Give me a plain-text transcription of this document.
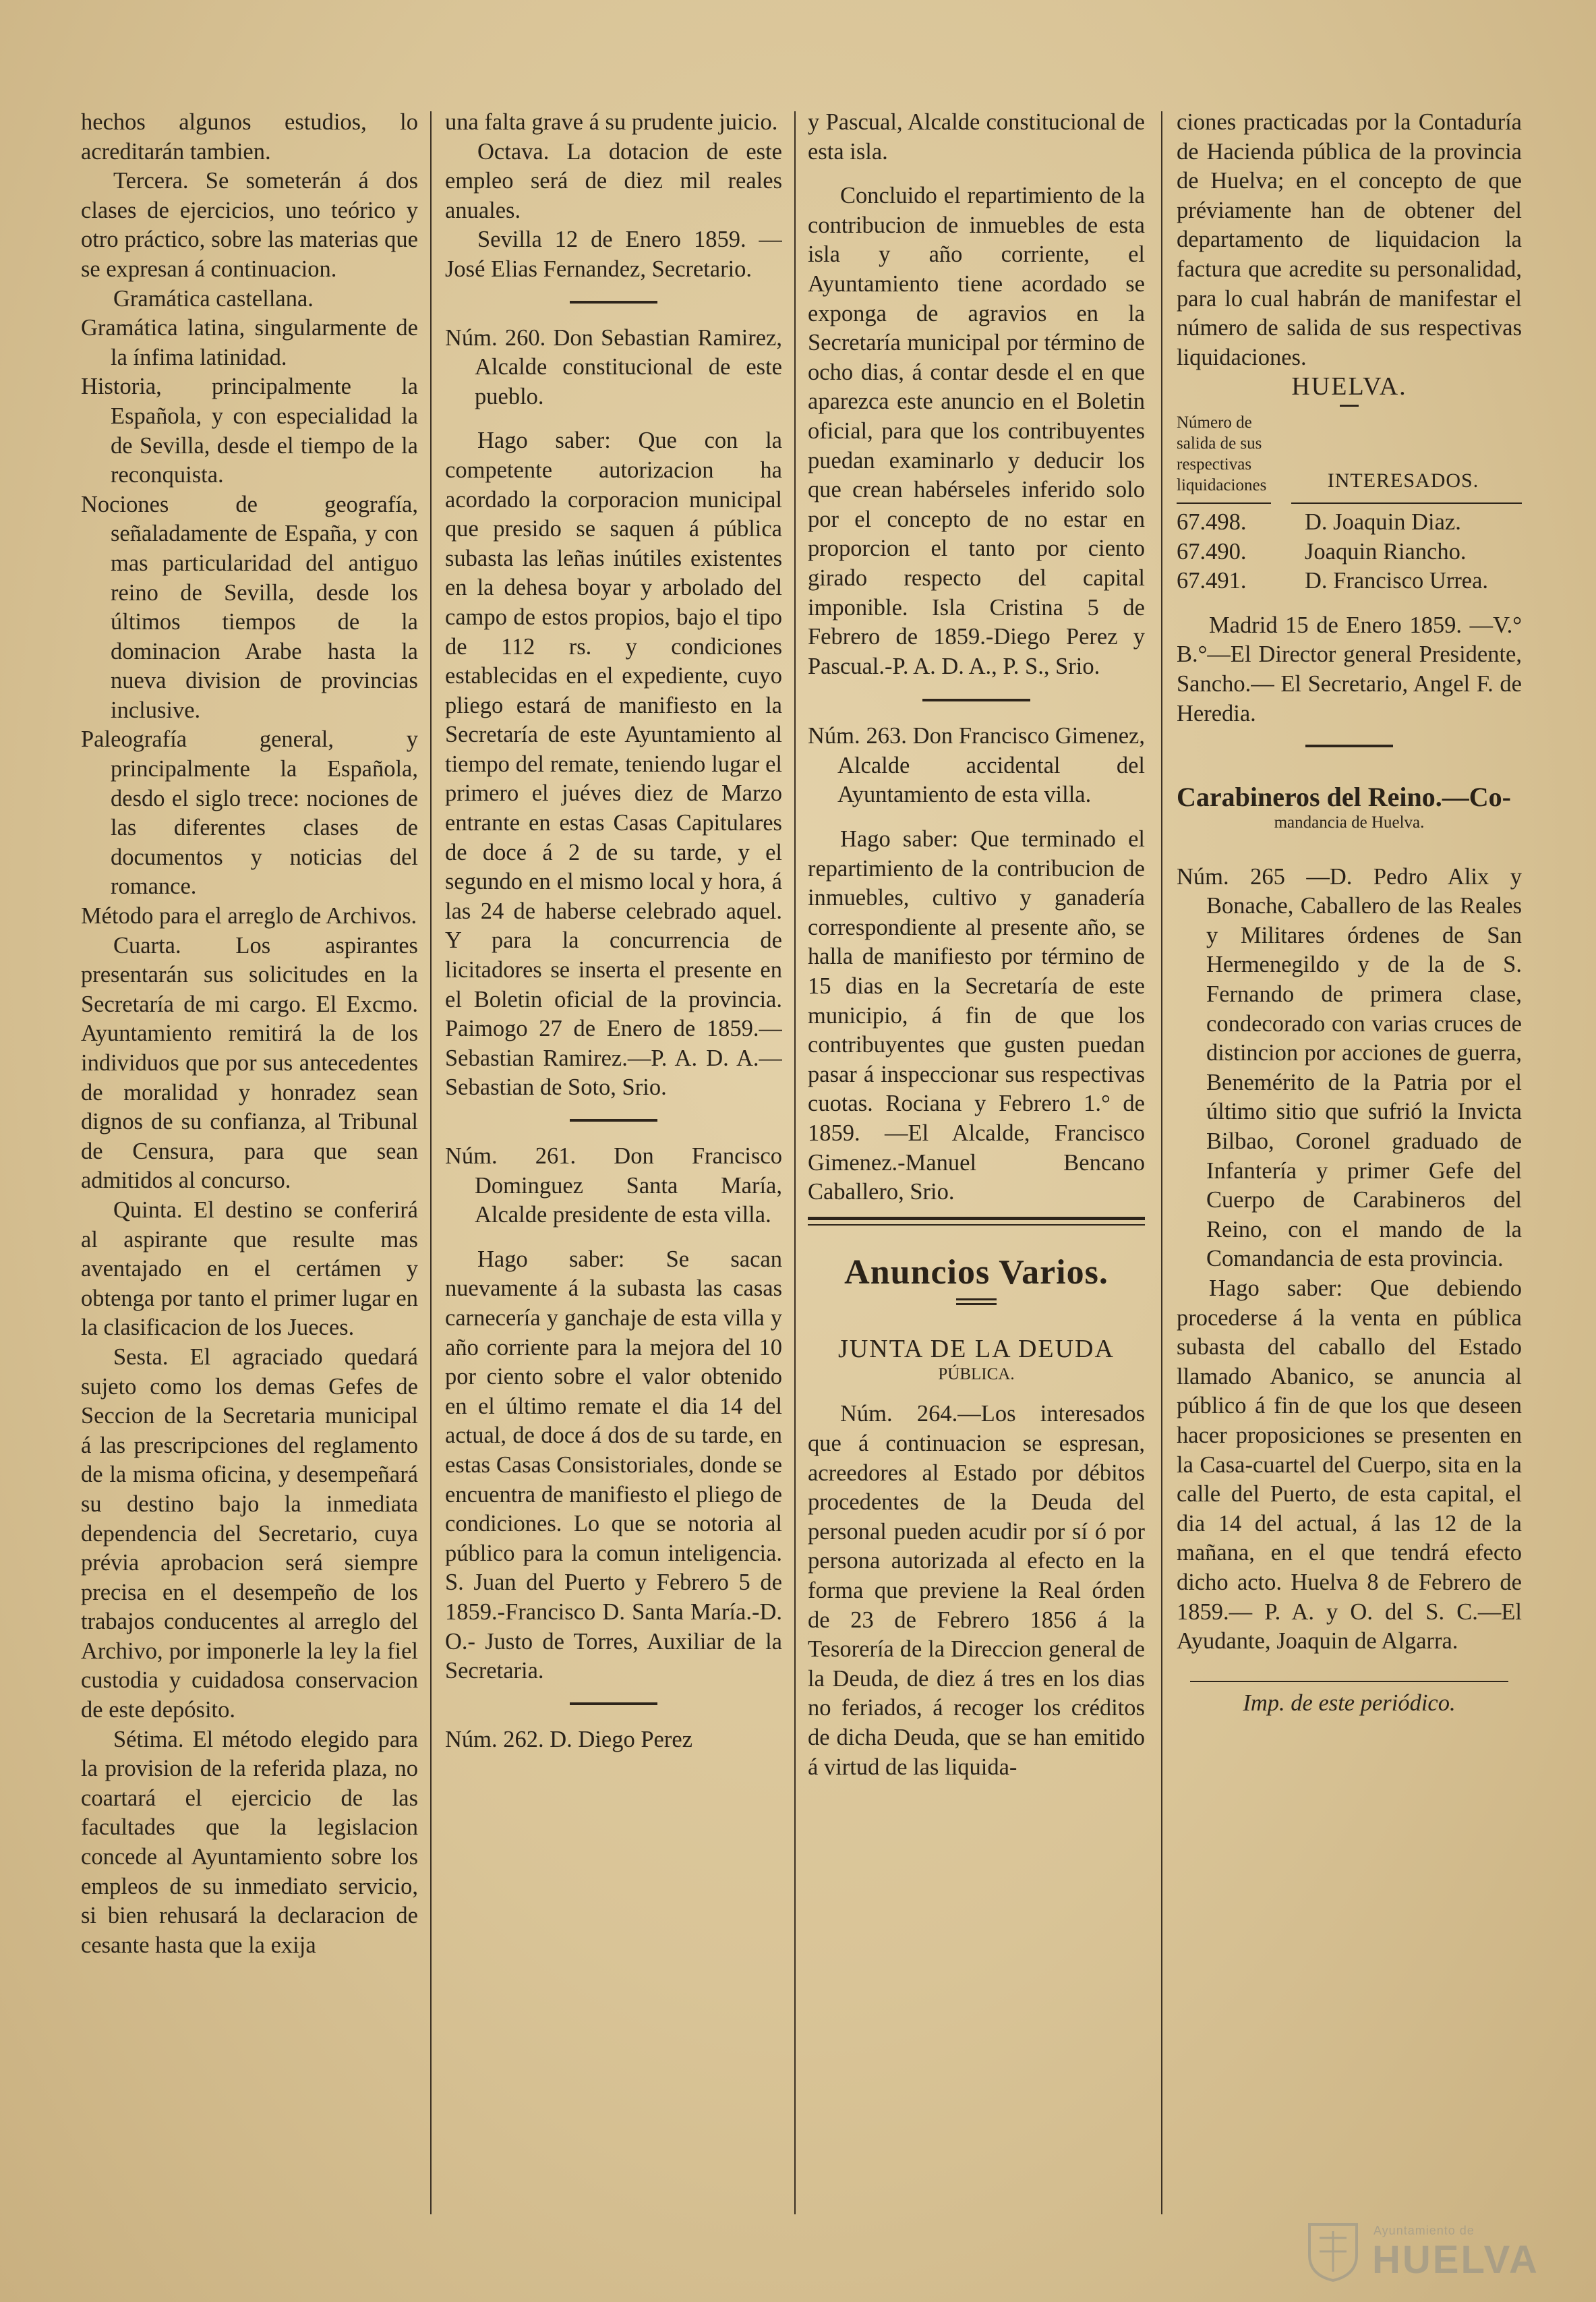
hechos algunos estudios, lo acreditarán tambien.

Tercera. Se someterán á dos clases de ejercicios, uno teórico y otro práctico, sobre las materias que se expresan á continuacion.

Gramática castellana.

Gramática latina, singularmente de la ínfima latinidad.

Historia, principalmente la Española, y con especialidad la de Sevilla, desde el tiempo de la reconquista.

Nociones de geografía, señaladamente de España, y con mas particularidad del antiguo reino de Sevilla, desde los últimos tiempos de la dominacion Arabe hasta la nueva division de provincias inclusive.

Paleografía general, y principalmente la Española, desdo el siglo trece: nociones de las diferentes clases de documentos y noticias del romance.

Método para el arreglo de Archivos.

Cuarta. Los aspirantes presentarán sus solicitudes en la Secretaría de mi cargo. El Excmo. Ayuntamiento remitirá la de los individuos que por sus antecedentes de moralidad y honradez sean dignos de su confianza, al Tribunal de Censura, para que sean admitidos al concurso.

Quinta. El destino se conferirá al aspirante que resulte mas aventajado en el certámen y obtenga por tanto el primer lugar en la clasificacion de los Jueces.

Sesta. El agraciado quedará sujeto como los demas Gefes de Seccion de la Secretaria municipal á las prescripciones del reglamento de la misma oficina, y desempeñará su destino bajo la inmediata dependencia del Secretario, cuya prévia aprobacion será siempre precisa en el desempeño de los trabajos conducentes al arreglo del Archivo, por imponerle la ley la fiel custodia y cuidadosa conservacion de este depósito.

Sétima. El método elegido para la provision de la referida plaza, no coartará el ejercicio de las facultades que la legislacion concede al Ayuntamiento sobre los empleos de su inmediato servicio, si bien rehusará la declaracion de cesante hasta que la exija

una falta grave á su prudente juicio.

Octava. La dotacion de este empleo será de diez mil reales anuales.

Sevilla 12 de Enero 1859. —José Elias Fernandez, Secretario.

Núm. 260. Don Sebastian Ramirez, Alcalde constitucional de este pueblo.

Hago saber: Que con la competente autorizacion ha acordado la corporacion municipal que presido se saquen á pública subasta las leñas inútiles existentes en la dehesa boyar y arbolado del campo de estos propios, bajo el tipo de 112 rs. y condiciones establecidas en el expediente, cuyo pliego estará de manifiesto en la Secretaría de este Ayuntamiento al tiempo del remate, teniendo lugar el primero el juéves diez de Marzo entrante en estas Casas Capitulares de doce á 2 de su tarde, y el segundo en el mismo local y hora, á las 24 de haberse celebrado aquel. Y para la concurrencia de licitadores se inserta el presente en el Boletin oficial de la provincia. Paimogo 27 de Enero de 1859.—Sebastian Ramirez.—P. A. D. A.—Sebastian de Soto, Srio.

Núm. 261. Don Francisco Dominguez Santa María, Alcalde presidente de esta villa.

Hago saber: Se sacan nuevamente á la subasta las casas carnecería y ganchaje de esta villa y año corriente para la mejora del 10 por ciento sobre el valor obtenido en el último remate el dia 14 del actual, de doce á dos de su tarde, en estas Casas Consistoriales, donde se encuentra de manifiesto el pliego de condiciones. Lo que se notoria al público para la comun inteligencia. S. Juan del Puerto y Febrero 5 de 1859.-Francisco D. Santa María.-D. O.- Justo de Torres, Auxiliar de la Secretaria.

Núm. 262. D. Diego Perez

y Pascual, Alcalde constitucional de esta isla.

Concluido el repartimiento de la contribucion de inmuebles de esta isla y año corriente, el Ayuntamiento tiene acordado se exponga de agravios en la Secretaría municipal por término de ocho dias, á contar desde el en que aparezca este anuncio en el Boletin oficial, para que los contribuyentes puedan examinarlo y deducir los que crean habérseles inferido solo por el concepto de no estar en proporcion el tanto por ciento girado respecto del capital imponible. Isla Cristina 5 de Febrero de 1859.-Diego Perez y Pascual.-P. A. D. A., P. S., Srio.

Núm. 263. Don Francisco Gimenez, Alcalde accidental del Ayuntamiento de esta villa.

Hago saber: Que terminado el repartimiento de la contribucion de inmuebles, cultivo y ganadería correspondiente al presente año, se halla de manifiesto por término de 15 dias en la Secretaría de este municipio, á fin de que los contribuyentes que gusten puedan pasar á inspeccionar sus respectivas cuotas. Rociana y Febrero 1.° de 1859. —El Alcalde, Francisco Gimenez.-Manuel Bencano Caballero, Srio.

Anuncios Varios.
JUNTA DE LA DEUDA
PÚBLICA.

Núm. 264.—Los interesados que á continuacion se espresan, acreedores al Estado por débitos procedentes de la Deuda del personal pueden acudir por sí ó por persona autorizada al efecto en la forma que previene la Real órden de 23 de Febrero 1856 á la Tesorería de la Direccion general de la Deuda, de diez á tres en los dias no feriados, á recoger los créditos de dicha Deuda, que se han emitido á virtud de las liquida-

ciones practicadas por la Contaduría de Hacienda pública de la provincia de Huelva; en el concepto de que préviamente han de obtener del departamento de liquidacion la factura que acredite su personalidad, para lo cual habrán de manifestar el número de salida de sus respectivas liquidaciones.

HUELVA.
Número de salida de sus respectivas liquidaciones	INTERESADOS.
67.498.	D. Joaquin Diaz.
67.490.	Joaquin Riancho.
67.491.	D. Francisco Urrea.

Madrid 15 de Enero 1859. —V.° B.°—El Director general Presidente, Sancho.— El Secretario, Angel F. de Heredia.

Carabineros del Reino.—Co-
mandancia de Huelva.

Núm. 265 —D. Pedro Alix y Bonache, Caballero de las Reales y Militares órdenes de San Hermenegildo y de la de S. Fernando de primera clase, condecorado con varias cruces de distincion por acciones de guerra, Benemérito de la Patria por el último sitio que sufrió la Invicta Bilbao, Coronel graduado de Infantería y primer Gefe del Cuerpo de Carabineros del Reino, con el mando de la Comandancia de esta provincia.

Hago saber: Que debiendo procederse á la venta en pública subasta del caballo del Estado llamado Abanico, se anuncia al público á fin de que los que deseen hacer proposiciones se presenten en la Casa-cuartel del Cuerpo, sita en la calle del Puerto, de esta capital, el dia 14 del actual, á las 12 de la mañana, en el que tendrá efecto dicho acto. Huelva 8 de Febrero de 1859.— P. A. y O. del S. C.—El Ayudante, Joaquin de Algarra.

Imp. de este periódico.

Ayuntamiento de
HUELVA
